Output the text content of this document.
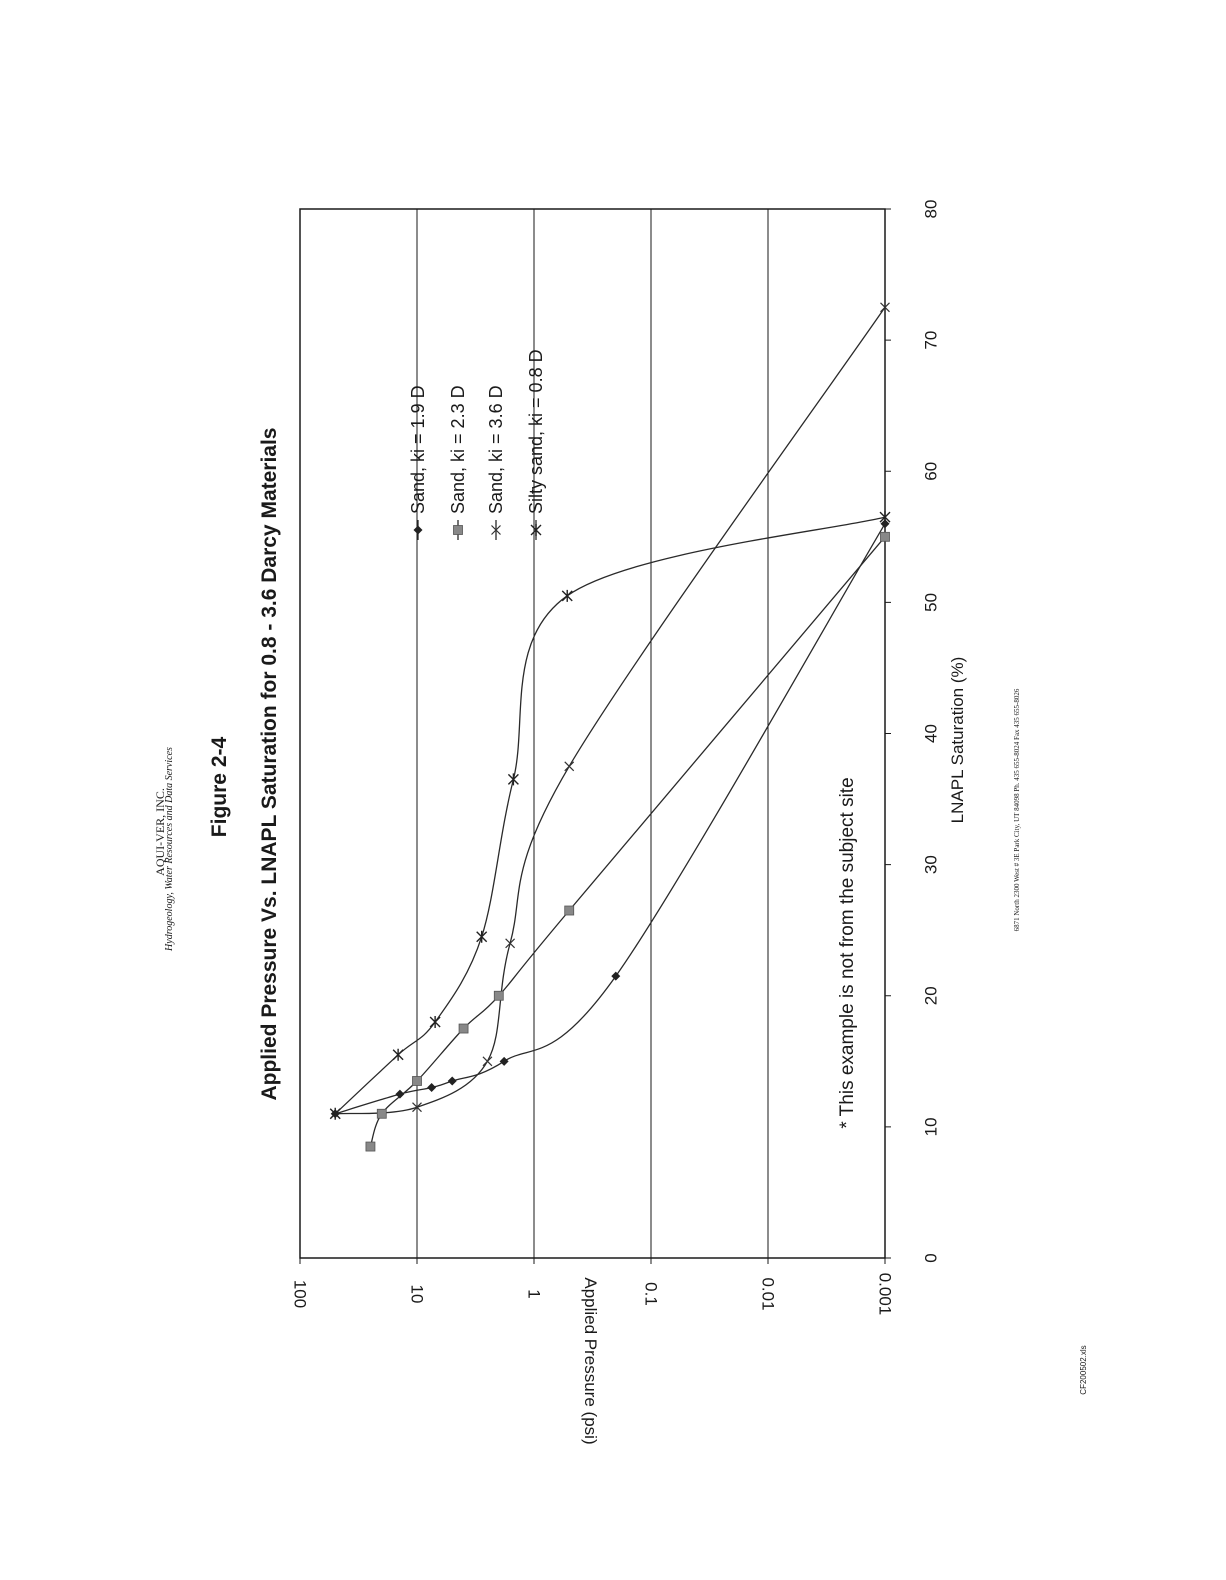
AQUI-VER, INC.
Hydrogeology, Water Resources and Data Services Figure 2-4 Applied Pressure Vs. LNAPL Saturation for 0.8 - 3.6 Darcy Materials
0
10
20
30
40
50
60
70
80
100	10	1	0.1	0.01	0.001
Sand, ki = 1.9 D Sand, ki = 2.3 D Sand, ki = 3.6 D Silty sand, ki = 0.8 D
Applied Pressure (psi)
LNAPL Saturation (%)
* This example is not from the subject site	6871 North 2300 West # 3E Park City, UT 84098 Ph. 435 655-8024 Fax 435 655-8026
CF200502.xls
